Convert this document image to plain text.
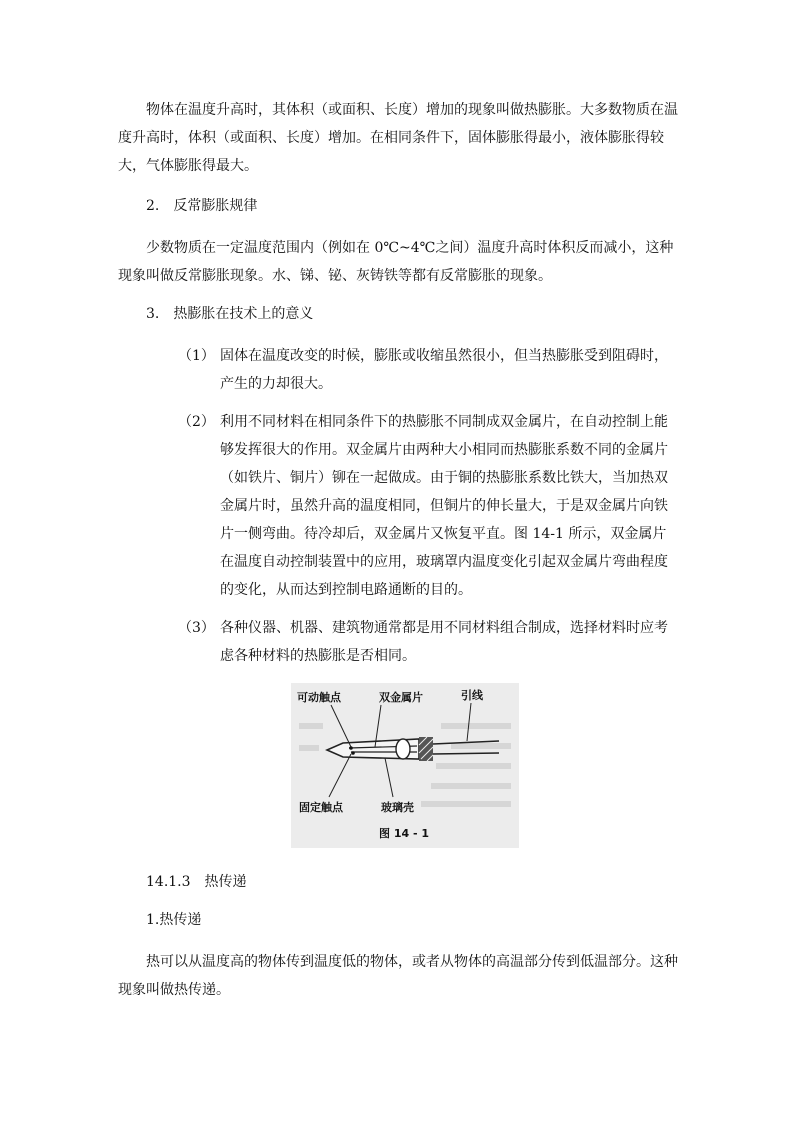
物体在温度升高时，其体积（或面积、长度）增加的现象叫做热膨胀。大多数物质在温度升高时，体积（或面积、长度）增加。在相同条件下，固体膨胀得最小，液体膨胀得较大，气体膨胀得最大。

2.　反常膨胀规律

少数物质在一定温度范围内（例如在 0℃~4℃之间）温度升高时体积反而减小，这种现象叫做反常膨胀现象。水、锑、铋、灰铸铁等都有反常膨胀的现象。

3.　热膨胀在技术上的意义

（1） 固体在温度改变的时候，膨胀或收缩虽然很小，但当热膨胀受到阻碍时，产生的力却很大。

（2） 利用不同材料在相同条件下的热膨胀不同制成双金属片，在自动控制上能够发挥很大的作用。双金属片由两种大小相同而热膨胀系数不同的金属片（如铁片、铜片）铆在一起做成。由于铜的热膨胀系数比铁大，当加热双金属片时，虽然升高的温度相同，但铜片的伸长量大，于是双金属片向铁片一侧弯曲。待冷却后，双金属片又恢复平直。图 14-1 所示，双金属片在温度自动控制装置中的应用，玻璃罩内温度变化引起双金属片弯曲程度的变化，从而达到控制电路通断的目的。

（3） 各种仪器、机器、建筑物通常都是用不同材料组合制成，选择材料时应考虑各种材料的热膨胀是否相同。

可动触点	双金属片	引线
固定触点	玻璃壳
图 14 - 1

14.1.3　热传递

1.热传递

热可以从温度高的物体传到温度低的物体，或者从物体的高温部分传到低温部分。这种现象叫做热传递。
